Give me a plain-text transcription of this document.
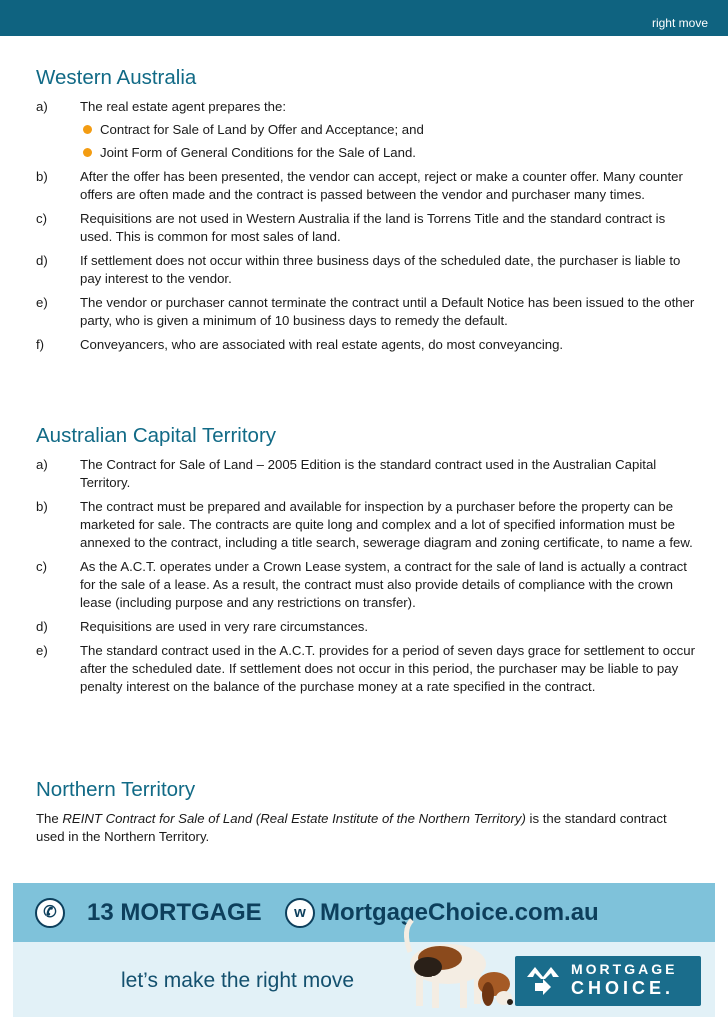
right move
Western Australia
a) The real estate agent prepares the:
Contract for Sale of Land by Offer and Acceptance; and
Joint Form of General Conditions for the Sale of Land.
b) After the offer has been presented, the vendor can accept, reject or make a counter offer. Many counter offers are often made and the contract is passed between the vendor and purchaser many times.
c)	Requisitions are not used in Western Australia if the land is Torrens Title and the standard contract is used. This is common for most sales of land.
d) If settlement does not occur within three business days of the scheduled date, the purchaser is liable to pay interest to the vendor.
e) The vendor or purchaser cannot terminate the contract until a Default Notice has been issued to the other party, who is given a minimum of 10 business days to remedy the default.
f)	Conveyancers, who are associated with real estate agents, do most conveyancing.
Australian Capital Territory
a) The Contract for Sale of Land – 2005 Edition is the standard contract used in the Australian Capital Territory.
b) The contract must be prepared and available for inspection by a purchaser before the property can be marketed for sale. The contracts are quite long and complex and a lot of specified information must be annexed to the contract, including a title search, sewerage diagram and zoning certificate, to name a few.
c)	As the A.C.T. operates under a Crown Lease system, a contract for the sale of land is actually a contract for the sale of a lease. As a result, the contract must also provide details of compliance with the crown lease (including purpose and any restrictions on transfer).
d) Requisitions are used in very rare circumstances.
e) The standard contract used in the A.C.T. provides for a period of seven days grace for settlement to occur after the scheduled date. If settlement does not occur in this period, the purchaser may be liable to pay penalty interest on the balance of the purchase money at a rate specified in the contract.
Northern Territory

The REINT Contract for Sale of Land (Real Estate Institute of the Northern Territory) is the standard contract used in the Northern Territory.

✆	13 MORTGAGE	w MortgageChoice.com.au
let’s make the right move	MORTGAGE
CHOICE.
